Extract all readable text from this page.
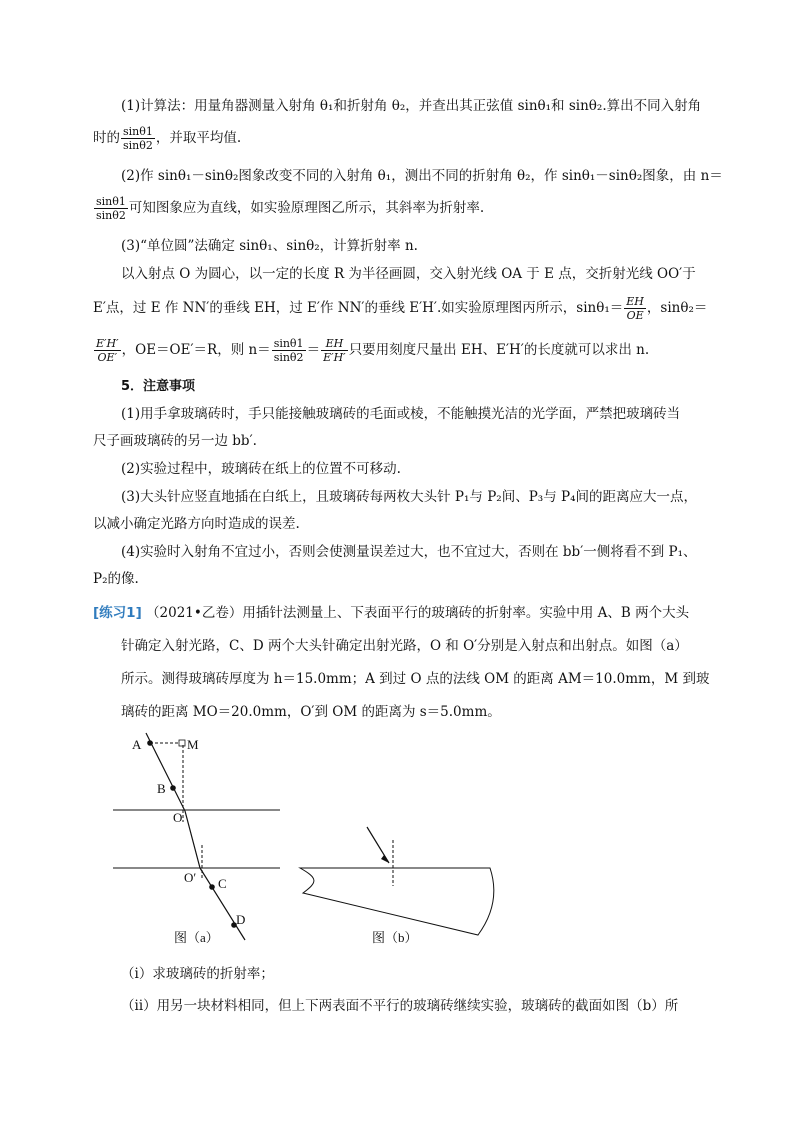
(1)计算法：用量角器测量入射角 θ₁和折射角 θ₂，并查出其正弦值 sinθ₁和 sinθ₂.算出不同入射角
时的 $\frac{\sin\theta 1}{\sin\theta 2}$ ，并取平均值.
(2)作 sinθ₁－sinθ₂图象改变不同的入射角 θ₁，测出不同的折射角 θ₂，作 sinθ₁－sinθ₂图象，由 n＝
$\frac{\sin\theta 1}{\sin\theta 2}$ 可知图象应为直线，如实验原理图乙所示，其斜率为折射率.
(3)“单位圆”法确定 sinθ₁、sinθ₂，计算折射率 n.
以入射点 O 为圆心，以一定的长度 R 为半径画圆，交入射光线 OA 于 E 点，交折射光线 OO′于
E′点，过 E 作 NN′的垂线 EH，过 E′作 NN′的垂线 E′H′.如实验原理图丙所示，$\sin\theta_1= \frac{EH}{OE}$ ，sinθ₂＝
$\frac{E'H'}{OE'}$ ，OE＝OE′＝R，则 $n= \frac{\sin\theta 1}{\sin\theta 2} = \frac{EH}{E'H'}$ 只要用刻度尺量出 EH、E′H′的长度就可以求出 n.
5．注意事项
(1)用手拿玻璃砖时，手只能接触玻璃砖的毛面或棱，不能触摸光洁的光学面，严禁把玻璃砖当
尺子画玻璃砖的另一边 bb′.
(2)实验过程中，玻璃砖在纸上的位置不可移动.
(3)大头针应竖直地插在白纸上，且玻璃砖每两枚大头针 P₁与 P₂间、P₃与 P₄间的距离应大一点，
以减小确定光路方向时造成的误差.
(4)实验时入射角不宜过小，否则会使测量误差过大，也不宜过大，否则在 bb′一侧将看不到 P₁、
P₂的像.
[练习1] （2021•乙卷）用插针法测量上、下表面平行的玻璃砖的折射率。实验中用 A、B 两个大头
针确定入射光路，C、D 两个大头针确定出射光路，O 和 O′分别是入射点和出射点。如图（a）
所示。测得玻璃砖厚度为 h＝15.0mm；A 到过 O 点的法线 OM 的距离 AM＝10.0mm，M 到玻
璃砖的距离 MO＝20.0mm，O′到 OM 的距离为 s＝5.0mm。
A	M
B
O
O′ C
D
图（a）	图（b）
（ⅰ）求玻璃砖的折射率；
（ⅱ）用另一块材料相同，但上下两表面不平行的玻璃砖继续实验，玻璃砖的截面如图（b）所
